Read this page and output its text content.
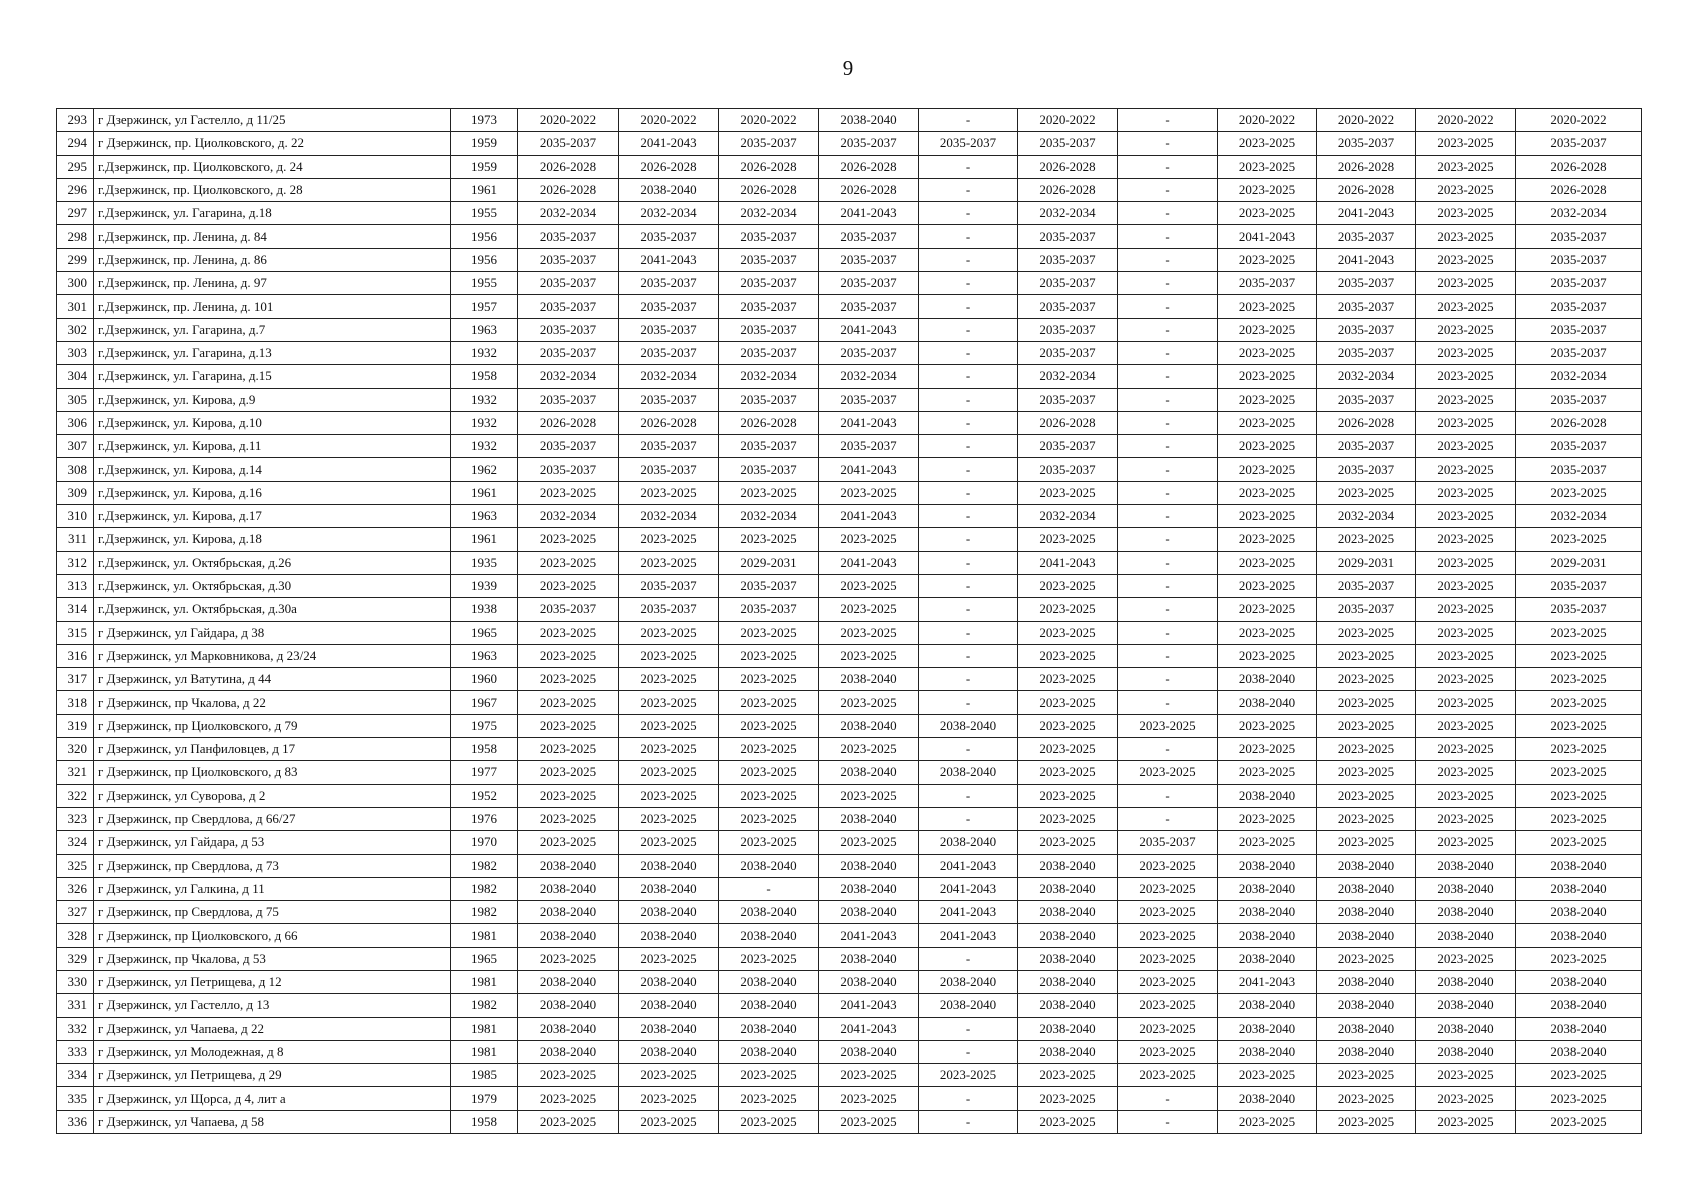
9
293	г Дзержинск, ул Гастелло, д 11/25	1973	2020-2022	2020-2022	2020-2022	2038-2040	-	2020-2022	-	2020-2022	2020-2022	2020-2022	2020-2022
294	г Дзержинск, пр. Циолковского, д. 22	1959	2035-2037	2041-2043	2035-2037	2035-2037	2035-2037	2035-2037	-	2023-2025	2035-2037	2023-2025	2035-2037
295	г.Дзержинск, пр. Циолковского, д. 24	1959	2026-2028	2026-2028	2026-2028	2026-2028	-	2026-2028	-	2023-2025	2026-2028	2023-2025	2026-2028
296	г.Дзержинск, пр. Циолковского, д. 28	1961	2026-2028	2038-2040	2026-2028	2026-2028	-	2026-2028	-	2023-2025	2026-2028	2023-2025	2026-2028
297	г.Дзержинск, ул. Гагарина, д.18	1955	2032-2034	2032-2034	2032-2034	2041-2043	-	2032-2034	-	2023-2025	2041-2043	2023-2025	2032-2034
298	г.Дзержинск, пр. Ленина, д. 84	1956	2035-2037	2035-2037	2035-2037	2035-2037	-	2035-2037	-	2041-2043	2035-2037	2023-2025	2035-2037
299	г.Дзержинск, пр. Ленина, д. 86	1956	2035-2037	2041-2043	2035-2037	2035-2037	-	2035-2037	-	2023-2025	2041-2043	2023-2025	2035-2037
300	г.Дзержинск, пр. Ленина, д. 97	1955	2035-2037	2035-2037	2035-2037	2035-2037	-	2035-2037	-	2035-2037	2035-2037	2023-2025	2035-2037
301	г.Дзержинск, пр. Ленина, д. 101	1957	2035-2037	2035-2037	2035-2037	2035-2037	-	2035-2037	-	2023-2025	2035-2037	2023-2025	2035-2037
302	г.Дзержинск, ул. Гагарина, д.7	1963	2035-2037	2035-2037	2035-2037	2041-2043	-	2035-2037	-	2023-2025	2035-2037	2023-2025	2035-2037
303	г.Дзержинск, ул. Гагарина, д.13	1932	2035-2037	2035-2037	2035-2037	2035-2037	-	2035-2037	-	2023-2025	2035-2037	2023-2025	2035-2037
304	г.Дзержинск, ул. Гагарина, д.15	1958	2032-2034	2032-2034	2032-2034	2032-2034	-	2032-2034	-	2023-2025	2032-2034	2023-2025	2032-2034
305	г.Дзержинск, ул. Кирова, д.9	1932	2035-2037	2035-2037	2035-2037	2035-2037	-	2035-2037	-	2023-2025	2035-2037	2023-2025	2035-2037
306	г.Дзержинск, ул. Кирова, д.10	1932	2026-2028	2026-2028	2026-2028	2041-2043	-	2026-2028	-	2023-2025	2026-2028	2023-2025	2026-2028
307	г.Дзержинск, ул. Кирова, д.11	1932	2035-2037	2035-2037	2035-2037	2035-2037	-	2035-2037	-	2023-2025	2035-2037	2023-2025	2035-2037
308	г.Дзержинск, ул. Кирова, д.14	1962	2035-2037	2035-2037	2035-2037	2041-2043	-	2035-2037	-	2023-2025	2035-2037	2023-2025	2035-2037
309	г.Дзержинск, ул. Кирова, д.16	1961	2023-2025	2023-2025	2023-2025	2023-2025	-	2023-2025	-	2023-2025	2023-2025	2023-2025	2023-2025
310	г.Дзержинск, ул. Кирова, д.17	1963	2032-2034	2032-2034	2032-2034	2041-2043	-	2032-2034	-	2023-2025	2032-2034	2023-2025	2032-2034
311	г.Дзержинск, ул. Кирова, д.18	1961	2023-2025	2023-2025	2023-2025	2023-2025	-	2023-2025	-	2023-2025	2023-2025	2023-2025	2023-2025
312	г.Дзержинск, ул. Октябрьская, д.26	1935	2023-2025	2023-2025	2029-2031	2041-2043	-	2041-2043	-	2023-2025	2029-2031	2023-2025	2029-2031
313	г.Дзержинск, ул. Октябрьская, д.30	1939	2023-2025	2035-2037	2035-2037	2023-2025	-	2023-2025	-	2023-2025	2035-2037	2023-2025	2035-2037
314	г.Дзержинск, ул. Октябрьская, д.30а	1938	2035-2037	2035-2037	2035-2037	2023-2025	-	2023-2025	-	2023-2025	2035-2037	2023-2025	2035-2037
315	г Дзержинск, ул Гайдара, д 38	1965	2023-2025	2023-2025	2023-2025	2023-2025	-	2023-2025	-	2023-2025	2023-2025	2023-2025	2023-2025
316	г Дзержинск, ул Марковникова, д 23/24	1963	2023-2025	2023-2025	2023-2025	2023-2025	-	2023-2025	-	2023-2025	2023-2025	2023-2025	2023-2025
317	г Дзержинск, ул Ватутина, д 44	1960	2023-2025	2023-2025	2023-2025	2038-2040	-	2023-2025	-	2038-2040	2023-2025	2023-2025	2023-2025
318	г Дзержинск, пр Чкалова, д 22	1967	2023-2025	2023-2025	2023-2025	2023-2025	-	2023-2025	-	2038-2040	2023-2025	2023-2025	2023-2025
319	г Дзержинск, пр Циолковского, д 79	1975	2023-2025	2023-2025	2023-2025	2038-2040	2038-2040	2023-2025	2023-2025	2023-2025	2023-2025	2023-2025	2023-2025
320	г Дзержинск, ул Панфиловцев, д 17	1958	2023-2025	2023-2025	2023-2025	2023-2025	-	2023-2025	-	2023-2025	2023-2025	2023-2025	2023-2025
321	г Дзержинск, пр Циолковского, д 83	1977	2023-2025	2023-2025	2023-2025	2038-2040	2038-2040	2023-2025	2023-2025	2023-2025	2023-2025	2023-2025	2023-2025
322	г Дзержинск, ул Суворова, д 2	1952	2023-2025	2023-2025	2023-2025	2023-2025	-	2023-2025	-	2038-2040	2023-2025	2023-2025	2023-2025
323	г Дзержинск, пр Свердлова, д 66/27	1976	2023-2025	2023-2025	2023-2025	2038-2040	-	2023-2025	-	2023-2025	2023-2025	2023-2025	2023-2025
324	г Дзержинск, ул Гайдара, д 53	1970	2023-2025	2023-2025	2023-2025	2023-2025	2038-2040	2023-2025	2035-2037	2023-2025	2023-2025	2023-2025	2023-2025
325	г Дзержинск, пр Свердлова, д 73	1982	2038-2040	2038-2040	2038-2040	2038-2040	2041-2043	2038-2040	2023-2025	2038-2040	2038-2040	2038-2040	2038-2040
326	г Дзержинск, ул Галкина, д 11	1982	2038-2040	2038-2040	-	2038-2040	2041-2043	2038-2040	2023-2025	2038-2040	2038-2040	2038-2040	2038-2040
327	г Дзержинск, пр Свердлова, д 75	1982	2038-2040	2038-2040	2038-2040	2038-2040	2041-2043	2038-2040	2023-2025	2038-2040	2038-2040	2038-2040	2038-2040
328	г Дзержинск, пр Циолковского, д 66	1981	2038-2040	2038-2040	2038-2040	2041-2043	2041-2043	2038-2040	2023-2025	2038-2040	2038-2040	2038-2040	2038-2040
329	г Дзержинск, пр Чкалова, д 53	1965	2023-2025	2023-2025	2023-2025	2038-2040	-	2038-2040	2023-2025	2038-2040	2023-2025	2023-2025	2023-2025
330	г Дзержинск, ул Петрищева, д 12	1981	2038-2040	2038-2040	2038-2040	2038-2040	2038-2040	2038-2040	2023-2025	2041-2043	2038-2040	2038-2040	2038-2040
331	г Дзержинск, ул Гастелло, д 13	1982	2038-2040	2038-2040	2038-2040	2041-2043	2038-2040	2038-2040	2023-2025	2038-2040	2038-2040	2038-2040	2038-2040
332	г Дзержинск, ул Чапаева, д 22	1981	2038-2040	2038-2040	2038-2040	2041-2043	-	2038-2040	2023-2025	2038-2040	2038-2040	2038-2040	2038-2040
333	г Дзержинск, ул Молодежная, д 8	1981	2038-2040	2038-2040	2038-2040	2038-2040	-	2038-2040	2023-2025	2038-2040	2038-2040	2038-2040	2038-2040
334	г Дзержинск, ул Петрищева, д 29	1985	2023-2025	2023-2025	2023-2025	2023-2025	2023-2025	2023-2025	2023-2025	2023-2025	2023-2025	2023-2025	2023-2025
335	г Дзержинск, ул Щорса, д 4, лит а	1979	2023-2025	2023-2025	2023-2025	2023-2025	-	2023-2025	-	2038-2040	2023-2025	2023-2025	2023-2025
336	г Дзержинск, ул Чапаева, д 58	1958	2023-2025	2023-2025	2023-2025	2023-2025	-	2023-2025	-	2023-2025	2023-2025	2023-2025	2023-2025
